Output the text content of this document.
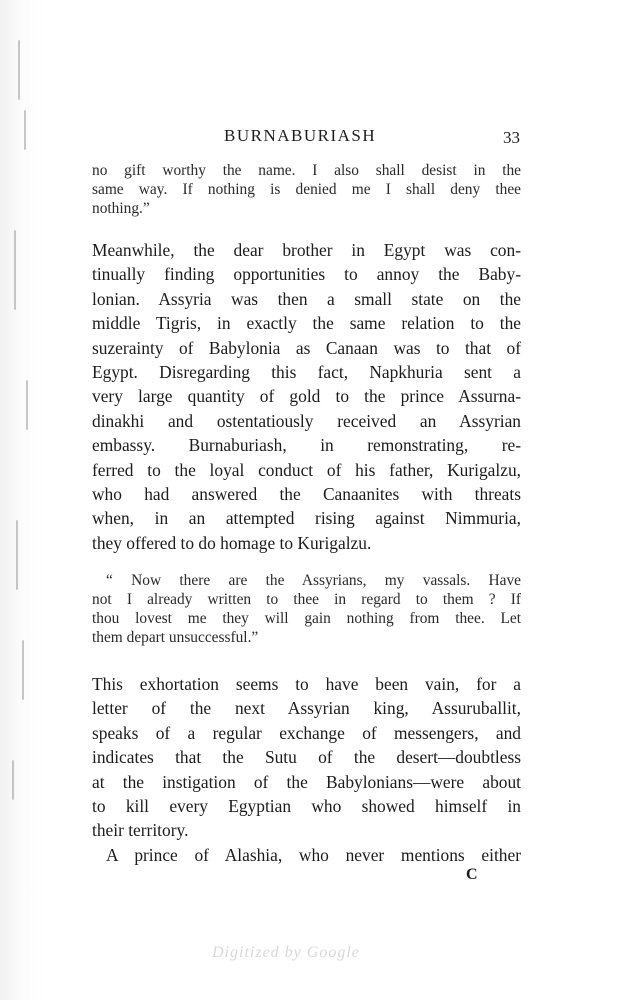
BURNABURIASH	33
no gift worthy the name. I also shall desist in the
same way. If nothing is denied me I shall deny thee
nothing.”
Meanwhile, the dear brother in Egypt was con-
tinually finding opportunities to annoy the Baby-
lonian. Assyria was then a small state on the
middle Tigris, in exactly the same relation to the
suzerainty of Babylonia as Canaan was to that of
Egypt. Disregarding this fact, Napkhuria sent a
very large quantity of gold to the prince Assurna-
dinakhi and ostentatiously received an Assyrian
embassy. Burnaburiash, in remonstrating, re-
ferred to the loyal conduct of his father, Kurigalzu,
who had answered the Canaanites with threats
when, in an attempted rising against Nimmuria,
they offered to do homage to Kurigalzu.
“ Now there are the Assyrians, my vassals. Have
not I already written to thee in regard to them ? If
thou lovest me they will gain nothing from thee. Let
them depart unsuccessful.”
This exhortation seems to have been vain, for a
letter of the next Assyrian king, Assuruballit,
speaks of a regular exchange of messengers, and
indicates that the Sutu of the desert—doubtless
at the instigation of the Babylonians—were about
to kill every Egyptian who showed himself in
their territory.
A prince of Alashia, who never mentions either
C
Digitized by Google
